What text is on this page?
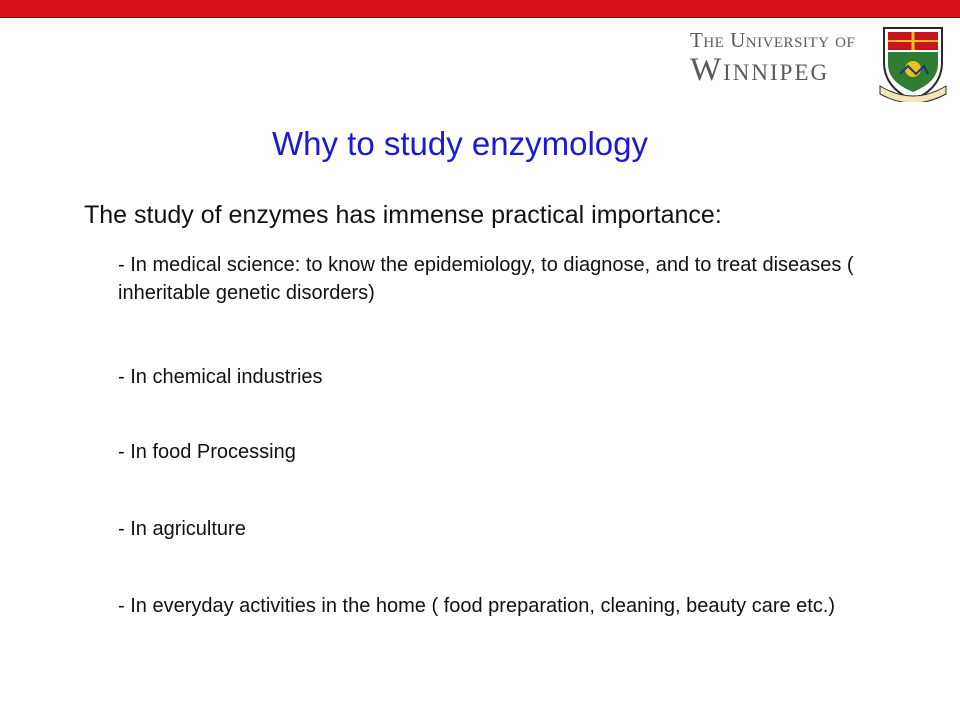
The University of
Winnipeg
Why to study enzymology
The study of enzymes has immense practical importance:
- In medical science: to know the epidemiology, to diagnose, and to treat diseases ( inheritable genetic disorders)
- In chemical industries
- In food Processing
- In agriculture
- In everyday activities in the home ( food preparation, cleaning, beauty care etc.)
